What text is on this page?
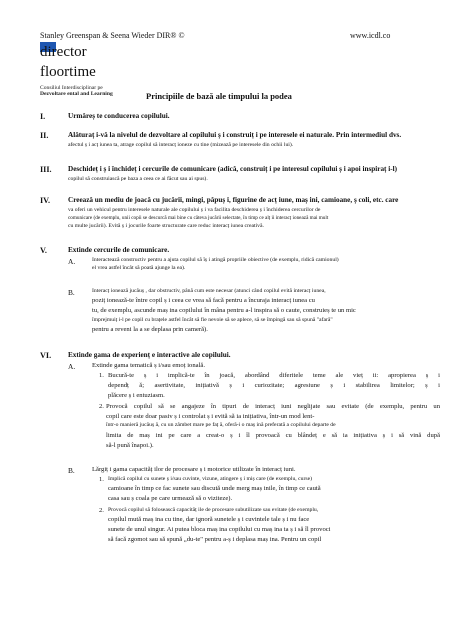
Stanley Greenspan & Seena Wieder DIR® ©	www.icdl.co
director
floortime
Consiliul Interdisciplinar pe
Dezvoltare ental and Learning	Principiile de bază ale timpului la podea
I.	Urmăreș te conducerea copilului.
II.	Alăturaț i-vă la nivelul de dezvoltare al copilului ș i construiț i pe interesele ei naturale. Prin intermediul dvs.
afectul ș i acț iunea ta, atrage copilul să interacț ioneze cu tine (mizează pe interesele din ochii lui).
III. Deschideț i ș i închideț i cercurile de comunicare (adică, construiț i pe interesul copilului ș i apoi inspiraț i-l)
copilul să construiască pe baza a ceea ce ai făcut sau ai spus).
IV. Creează un mediu de joacă cu jucării, mingi, păpuș i, figurine de acț iune, maș ini, camioane, ș coli, etc. care
va oferi un vehicul pentru interesele naturale ale copilului ș i va facilita deschiderea ș i închiderea cercurilor de
comunicare (de exemplu, unii copii se descurcă mai bine cu câteva jucării selectate, în timp ce alț ii interacț ionează mai mult
cu multe jucării). Evită ș i jocurile foarte structurate care reduc interacț iunea creativă.
V.	Extinde cercurile de comunicare.
A.	Interactează constructiv pentru a ajuta copilul să îș i atingă propriile obiective (de exemplu, ridică camionul)
el vrea astfel încât să poată ajunge la ea).
B.	Interacț ionează jucăuș , dar obstructiv, până cum este necesar (atunci când copilul evită interacț iunea,
poziț ionează-te între copil ș i ceea ce vrea să facă pentru a încuraja interacț iunea cu
tu, de exemplu, ascunde maș ina copilului în mâna pentru a-l inspira să o caute, construieș te un mic
împrejmuiț i-l pe copil cu brațele astfel încât să fie nevoie să se aplece, să se împingă sau să spună "afară"
pentru a reveni la a se deplasa prin cameră).
VI. Extinde gama de experienț e interactive ale copilului.
A.	Extinde gama tematică ș i/sau emoț ională.
1. Bucură-te ș i implică-te în joacă, abordând diferitele teme ale vieț ii: apropierea ș i
dependț ă; asertivitate, inițiativă ș i curiozitate; agresiune ș i stabilirea limitelor; ș i
plăcere ș i entuziasm.
2. Provocă copilul să se angajeze în tipuri de interacț iuni neglijate sau evitate (de exemplu, pentru un
copil care este doar pasiv ș i controlat ș i evită să ia inițiativa, într-un mod lent-
într-o manieră jucăuș ă, cu un zâmbet mare pe faț ă, oferă-i o maș ină preferată a copilului departe de
limita de maș ini pe care a creat-o ș i îl provoacă cu blândeț e să ia inițiativa ș i să vină după
să-l pună înapoi.).
B.	Lărgiț i gama capacităț ilor de procesare ș i motorice utilizate în interacț iuni.
1. Implică copilul cu sunete ș i/sau cuvinte, vizune, atingere ș i miș care (de exemplu, curse)
camioane în timp ce fac sunete sau discută unde merg maș inile, în timp ce caută
casa sau ș coala pe care urmează să o viziteze).
2. Provocă copilul să folosească capacităț ile de procesare subutilizate sau evitate (de exemplu,
copilul mută maș ina cu tine, dar ignoră sunetele ș i cuvintele tale ș i nu face
sunete de unul singur. Ai putea bloca maș ina copilului cu maș ina ta ș i să îl provoci
să facă zgomot sau să spună „du-te" pentru a-ș i deplasa maș ina. Pentru un copil
